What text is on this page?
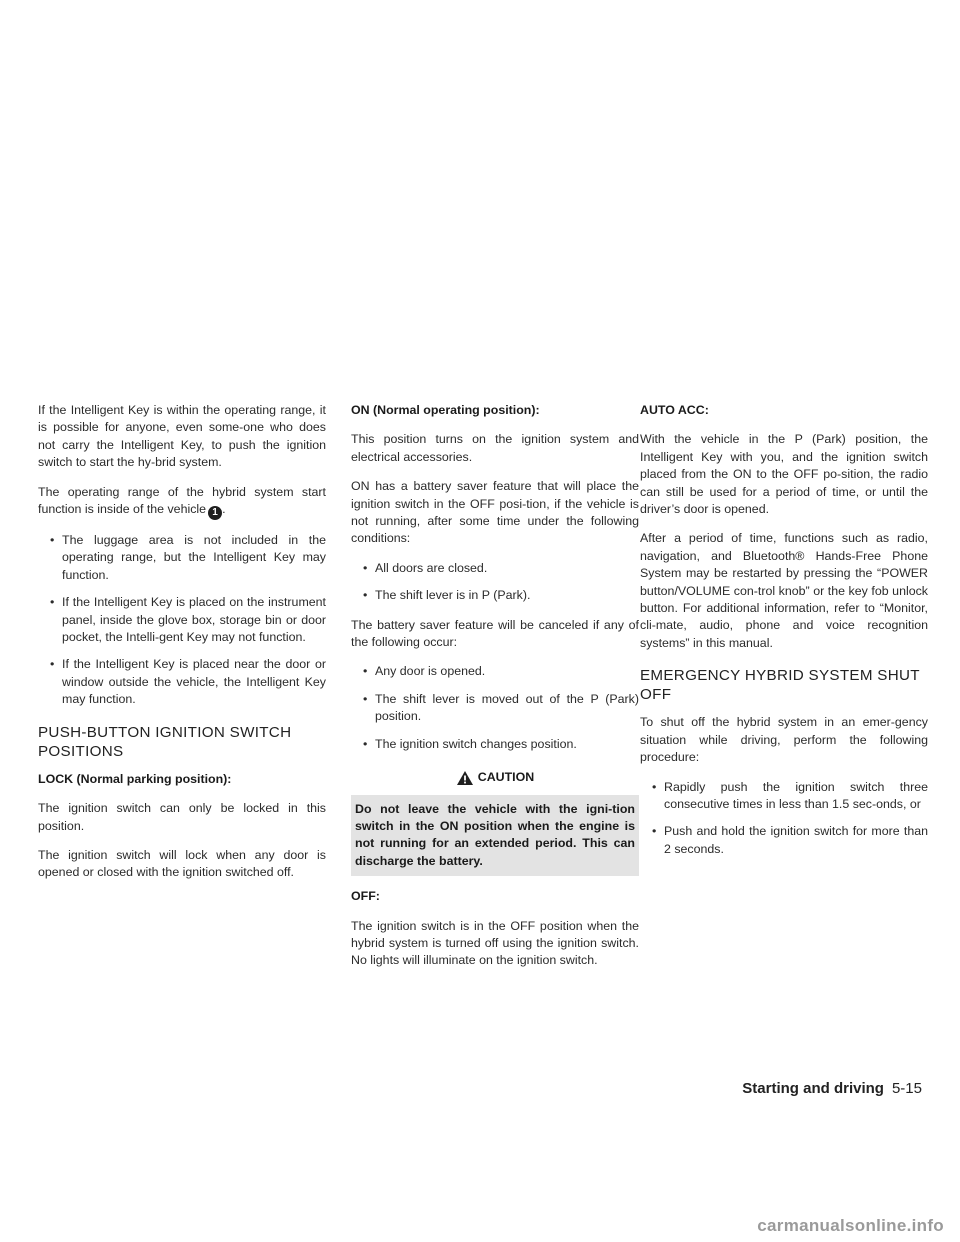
If the Intelligent Key is within the operating range, it is possible for anyone, even some-one who does not carry the Intelligent Key, to push the ignition switch to start the hy-brid system.

The operating range of the hybrid system start function is inside of the vehicle 1 .

• The luggage area is not included in the operating range, but the Intelligent Key may function.
• If the Intelligent Key is placed on the instrument panel, inside the glove box, storage bin or door pocket, the Intelli-gent Key may not function.
• If the Intelligent Key is placed near the door or window outside the vehicle, the Intelligent Key may function.
PUSH-BUTTON IGNITION SWITCH POSITIONS

LOCK (Normal parking position):

The ignition switch can only be locked in this position.

The ignition switch will lock when any door is opened or closed with the ignition switched off.

ON (Normal operating position):

This position turns on the ignition system and electrical accessories.

ON has a battery saver feature that will place the ignition switch in the OFF posi-tion, if the vehicle is not running, after some time under the following conditions:

• All doors are closed.
• The shift lever is in P (Park).

The battery saver feature will be canceled if any of the following occur:

• Any door is opened.
• The shift lever is moved out of the P (Park) position.
• The ignition switch changes position.
CAUTION
Do not leave the vehicle with the igni-tion switch in the ON position when the engine is not running for an extended period. This can discharge the battery.

OFF:

The ignition switch is in the OFF position when the hybrid system is turned off using the ignition switch. No lights will illuminate on the ignition switch.

AUTO ACC:

With the vehicle in the P (Park) position, the Intelligent Key with you, and the ignition switch placed from the ON to the OFF po-sition, the radio can still be used for a period of time, or until the driver’s door is opened.

After a period of time, functions such as radio, navigation, and Bluetooth® Hands-Free Phone System may be restarted by pressing the “POWER button/VOLUME con-trol knob” or the key fob unlock button. For additional information, refer to “Monitor, cli-mate, audio, phone and voice recognition systems” in this manual.

EMERGENCY HYBRID SYSTEM SHUT OFF

To shut off the hybrid system in an emer-gency situation while driving, perform the following procedure:

• Rapidly push the ignition switch three consecutive times in less than 1.5 sec-onds, or
• Push and hold the ignition switch for more than 2 seconds.
Starting and driving 5-15
carmanualsonline.info
